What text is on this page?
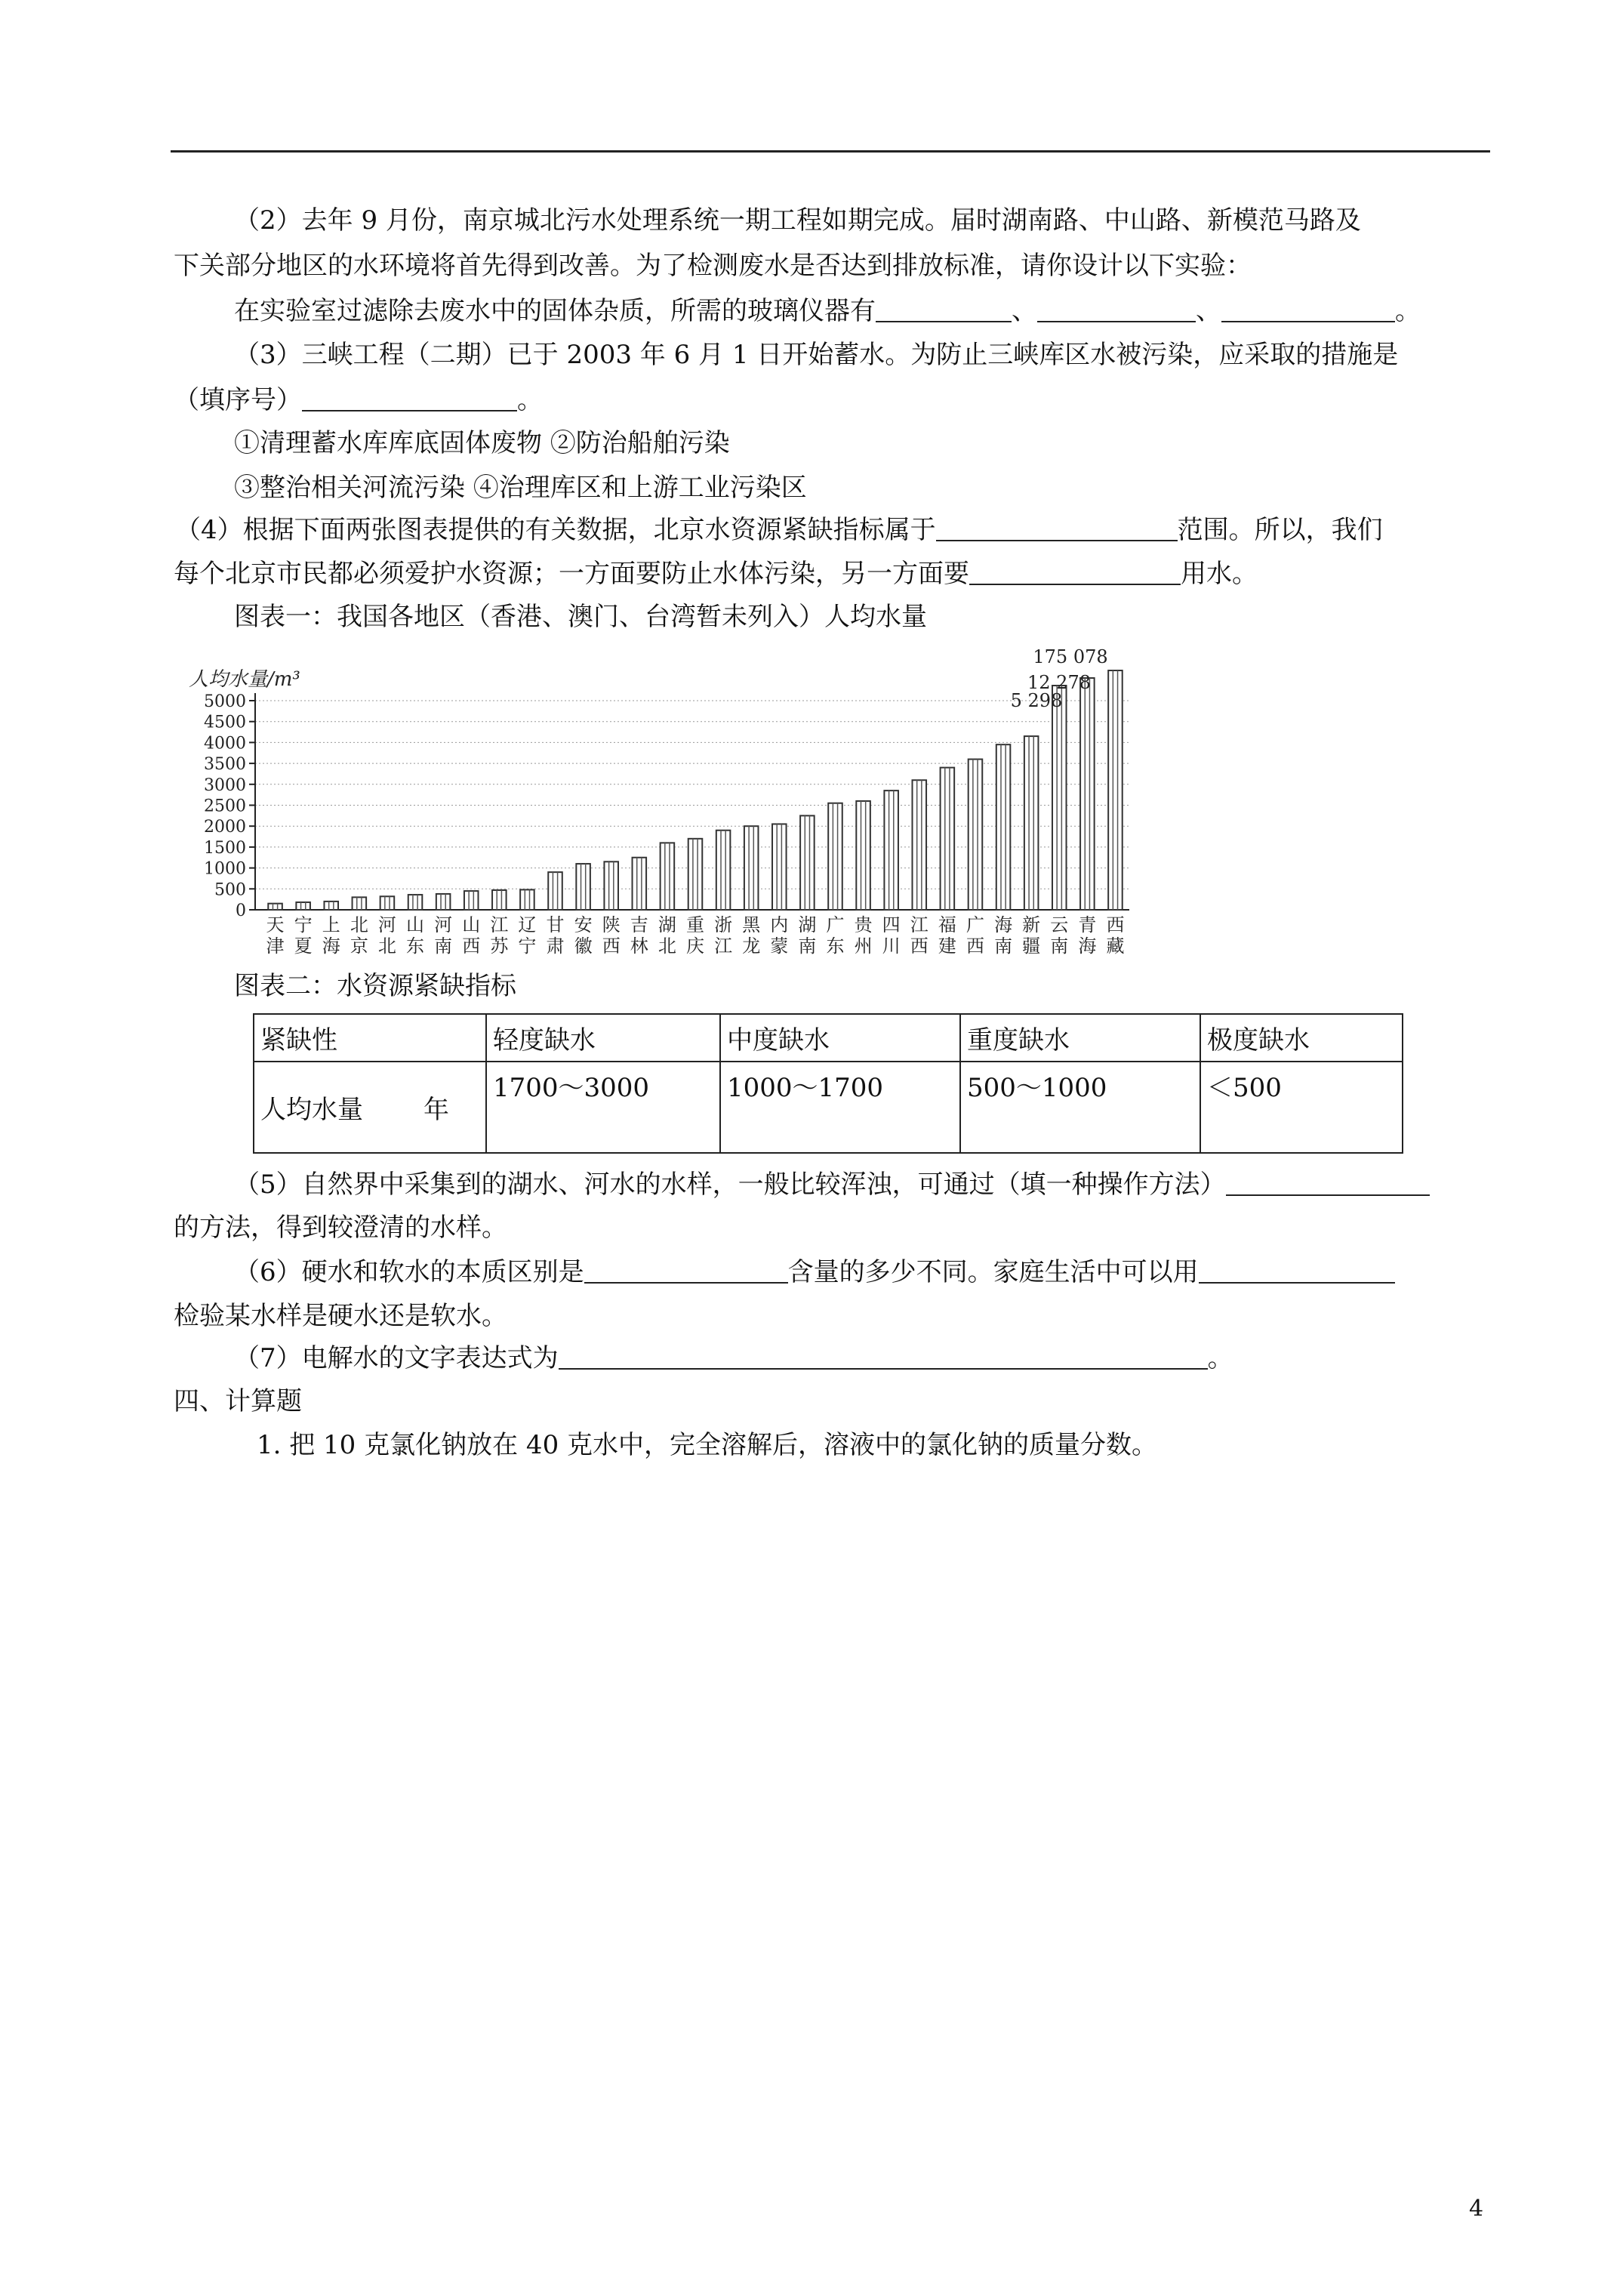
（2）去年 9 月份，南京城北污水处理系统一期工程如期完成。届时湖南路、中山路、新模范马路及
下关部分地区的水环境将首先得到改善。为了检测废水是否达到排放标准，请你设计以下实验：
在实验室过滤除去废水中的固体杂质，所需的玻璃仪器有	、	、	。
（3）三峡工程（二期）已于 2003 年 6 月 1 日开始蓄水。为防止三峡库区水被污染，应采取的措施是
（填序号）	。
①清理蓄水库库底固体废物 ②防治船舶污染
③整治相关河流污染 ④治理库区和上游工业污染区
（4）根据下面两张图表提供的有关数据，北京水资源紧缺指标属于	范围。所以，我们
每个北京市民都必须爱护水资源；一方面要防止水体污染，另一方面要	用水。
图表一：我国各地区（香港、澳门、台湾暂未列入）人均水量
0
500
1000
1500
2000
2500
3000
3500
4000
4500
5000
天
津
宁
夏
上
海
北
京
河
北
山
东
河
南
山
西
江
苏
辽
宁
甘
肃
安
徽
陕
西
吉
林
湖
北
重
庆
浙
江
黑
龙
内
蒙
湖
南
广
东
贵
州
四
川
江
西
福
建
广
西
海
南
新
疆
云
南
青
海
西
藏
175 078
12 278
5 298
人均水量/m³
图表二：水资源紧缺指标
紧缺性	轻度缺水	中度缺水	重度缺水	极度缺水
人均水量 年	1700～3000	1000～1700	500～1000	＜500
（5）自然界中采集到的湖水、河水的水样，一般比较浑浊，可通过（填一种操作方法）
的方法，得到较澄清的水样。
（6）硬水和软水的本质区别是	含量的多少不同。家庭生活中可以用
检验某水样是硬水还是软水。
（7）电解水的文字表达式为	。
四、计算题
1. 把 10 克氯化钠放在 40 克水中，完全溶解后，溶液中的氯化钠的质量分数。
4
